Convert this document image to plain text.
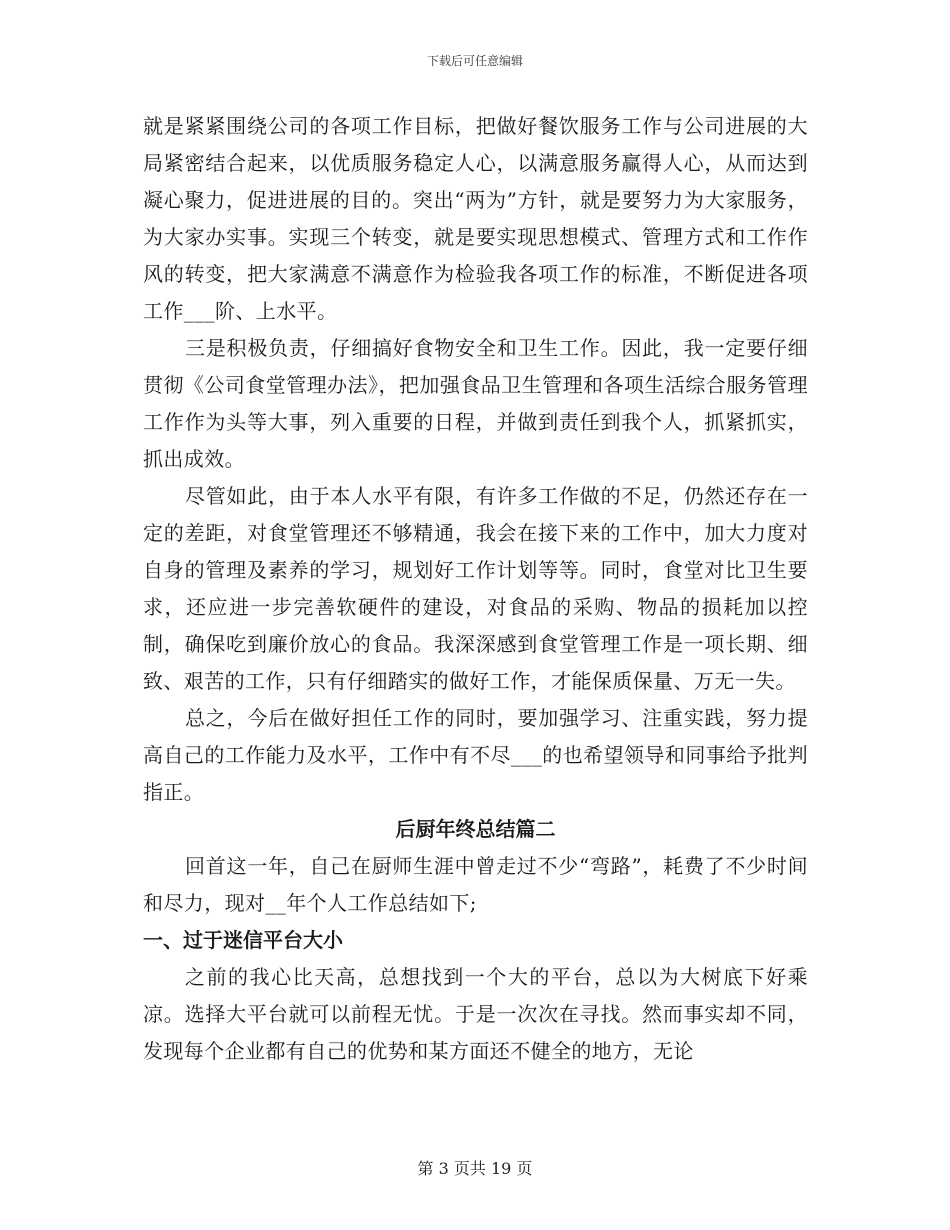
下载后可任意编辑

就是紧紧围绕公司的各项工作目标，把做好餐饮服务工作与公司进展的大局紧密结合起来，以优质服务稳定人心，以满意服务赢得人心，从而达到凝心聚力，促进进展的目的。突出“两为”方针，就是要努力为大家服务，为大家办实事。实现三个转变，就是要实现思想模式、管理方式和工作作风的转变，把大家满意不满意作为检验我各项工作的标准，不断促进各项工作___阶、上水平。

三是积极负责，仔细搞好食物安全和卫生工作。因此，我一定要仔细贯彻《公司食堂管理办法》，把加强食品卫生管理和各项生活综合服务管理工作作为头等大事，列入重要的日程，并做到责任到我个人，抓紧抓实，抓出成效。

尽管如此，由于本人水平有限，有许多工作做的不足，仍然还存在一定的差距，对食堂管理还不够精通，我会在接下来的工作中，加大力度对自身的管理及素养的学习，规划好工作计划等等。同时，食堂对比卫生要求，还应进一步完善软硬件的建设，对食品的采购、物品的损耗加以控制，确保吃到廉价放心的食品。我深深感到食堂管理工作是一项长期、细致、艰苦的工作，只有仔细踏实的做好工作，才能保质保量、万无一失。

总之，今后在做好担任工作的同时，要加强学习、注重实践，努力提高自己的工作能力及水平，工作中有不尽___的也希望领导和同事给予批判指正。

后厨年终总结篇二

回首这一年，自己在厨师生涯中曾走过不少“弯路”，耗费了不少时间和尽力，现对__年个人工作总结如下;

一、过于迷信平台大小

之前的我心比天高，总想找到一个大的平台，总以为大树底下好乘凉。选择大平台就可以前程无忧。于是一次次在寻找。然而事实却不同，发现每个企业都有自己的优势和某方面还不健全的地方，无论

第 3 页共 19 页
